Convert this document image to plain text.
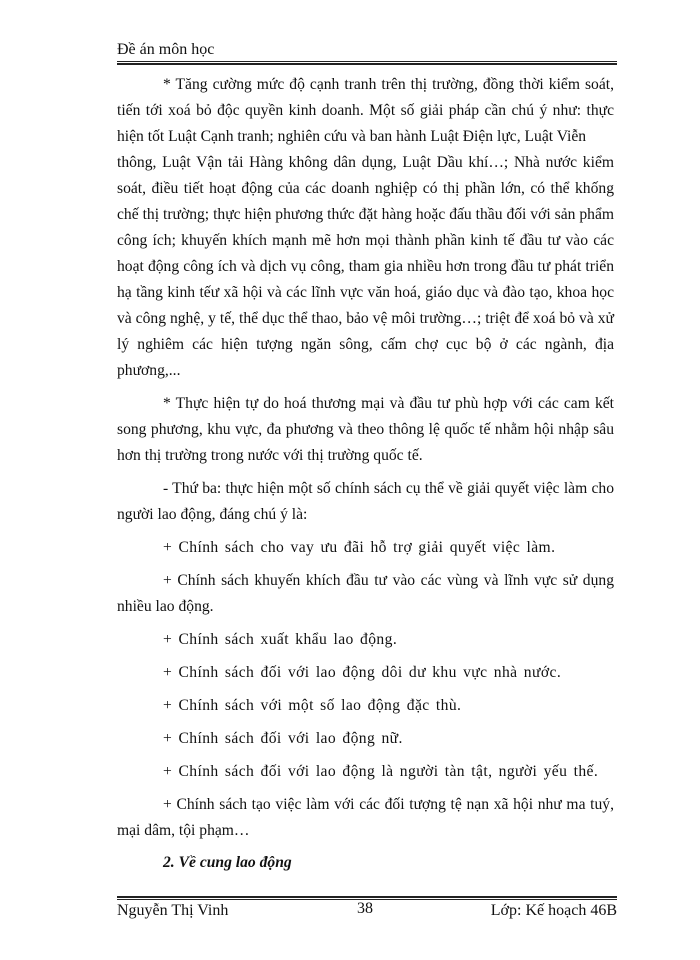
Đề án môn học

* Tăng cường mức độ cạnh tranh trên thị trường, đồng thời kiểm soát, tiến tới xoá bỏ độc quyền kinh doanh. Một số giải pháp cần chú ý như: thực hiện tốt Luật Cạnh tranh; nghiên cứu và ban hành Luật Điện lực, Luật Viễn

thông, Luật Vận tải Hàng không dân dụng, Luật Dầu khí…; Nhà nước kiểm soát, điều tiết hoạt động của các doanh nghiệp có thị phần lớn, có thể khống chế thị trường; thực hiện phương thức đặt hàng hoặc đấu thầu đối với sản phẩm công ích; khuyến khích mạnh mẽ hơn mọi thành phần kinh tế đầu tư vào các hoạt động công ích và dịch vụ công, tham gia nhiều hơn trong đầu tư phát triển hạ tầng kinh tếư xã hội và các lĩnh vực văn hoá, giáo dục và đào tạo, khoa học và công nghệ, y tế, thể dục thể thao, bảo vệ môi trường…; triệt để xoá bỏ và xử lý nghiêm các hiện tượng ngăn sông, cấm chợ cục bộ ở các ngành, địa phương,...

* Thực hiện tự do hoá thương mại và đầu tư phù hợp với các cam kết song phương, khu vực, đa phương và theo thông lệ quốc tế nhằm hội nhập sâu hơn thị trường trong nước với thị trường quốc tế.

- Thứ ba: thực hiện một số chính sách cụ thể về giải quyết việc làm cho người lao động, đáng chú ý là:

+ Chính sách cho vay ưu đãi hỗ trợ giải quyết việc làm.

+ Chính sách khuyến khích đầu tư vào các vùng và lĩnh vực sử dụng nhiều lao động.

+ Chính sách xuất khẩu lao động.

+ Chính sách đối với lao động dôi dư khu vực nhà nước.

+ Chính sách với một số lao động đặc thù.

+ Chính sách đối với lao động nữ.

+ Chính sách đối với lao động là người tàn tật, người yếu thế.

+ Chính sách tạo việc làm với các đối tượng tệ nạn xã hội như ma tuý, mại dâm, tội phạm…

2. Về cung lao động

Nguyễn Thị Vinh	38	Lớp: Kế hoạch 46B
